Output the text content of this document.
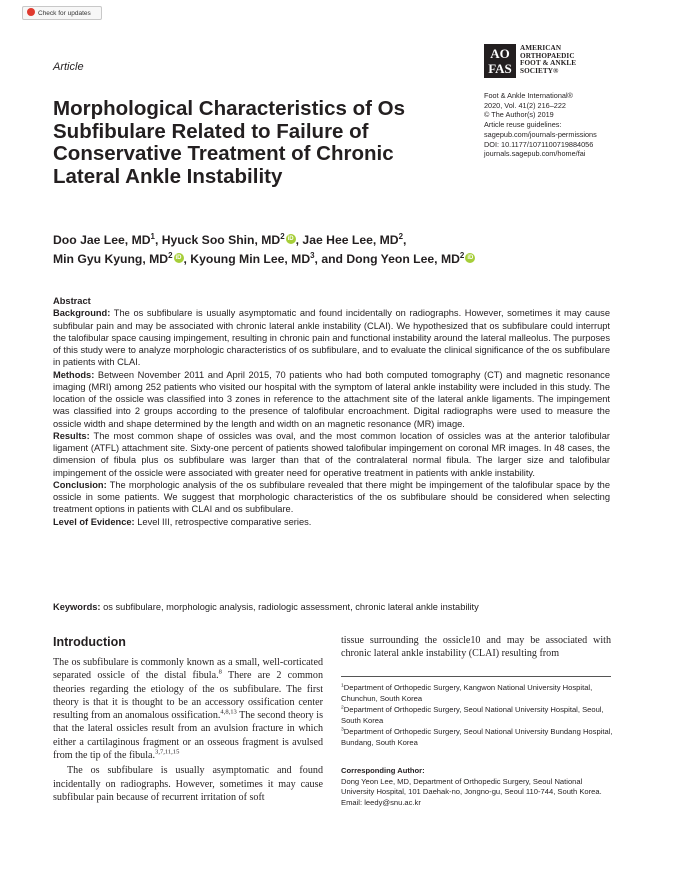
Check for updates
Article
AO
FAS
AMERICAN
ORTHOPAEDIC
FOOT & ANKLE
SOCIETY®
Foot & Ankle International®
2020, Vol. 41(2) 216–222
© The Author(s) 2019
Article reuse guidelines:
sagepub.com/journals-permissions
DOI: 10.1177/1071100719884056
journals.sagepub.com/home/fai
Morphological Characteristics of Os Subfibulare Related to Failure of Conservative Treatment of Chronic Lateral Ankle Instability
Doo Jae Lee, $MD^1$, Hyuck Soo Shin, $MD^2$ iD , Jae Hee Lee, $MD^2$,
Min Gyu Kyung, $MD^2$ iD , Kyoung Min Lee, $MD^3$, and Dong Yeon Lee, $MD^2$ iD

Abstract

Background: The os subfibulare is usually asymptomatic and found incidentally on radiographs. However, sometimes it may cause subfibular pain and may be associated with chronic lateral ankle instability (CLAI). We hypothesized that os subfibulare could interrupt the talofibular space causing impingement, resulting in chronic pain and functional instability around the lateral malleolus. The purposes of this study were to analyze morphologic characteristics of os subfibulare, and to evaluate the clinical significance of the os subfibulare in patients with CLAI.

Methods: Between November 2011 and April 2015, 70 patients who had both computed tomography (CT) and magnetic resonance imaging (MRI) among 252 patients who visited our hospital with the symptom of lateral ankle instability were included in this study. The location of the ossicle was classified into 3 zones in reference to the attachment site of the lateral ankle ligaments. The impingement was classified into 2 groups according to the presence of talofibular encroachment. Digital radiographs were used to measure the ossicle width and shape determined by the length and width on an magnetic resonance (MR) image.

Results: The most common shape of ossicles was oval, and the most common location of ossicles was at the anterior talofibular ligament (ATFL) attachment site. Sixty-one percent of patients showed talofibular impingement on coronal MR images. In 48 cases, the dimension of fibula plus os subfibulare was larger than that of the contralateral normal fibula. The larger size and talofibular impingement of the ossicle were associated with greater need for operative treatment in patients with ankle instability.

Conclusion: The morphologic analysis of the os subfibulare revealed that there might be impingement of the talofibular space by the ossicle in some patients. We suggest that morphologic characteristics of the os subfibulare should be considered when selecting treatment options in patients with CLAI and os subfibulare.

Level of Evidence: Level III, retrospective comparative series.

Keywords: os subfibulare, morphologic analysis, radiologic assessment, chronic lateral ankle instability
Introduction

The os subfibulare is commonly known as a small, well-corticated separated ossicle of the distal fibula.$^8$ There are 2 common theories regarding the etiology of the os subfibulare. The first theory is that it is thought to be an accessory ossification center resulting from an anomalous ossification.$^{4,8,13}$ The second theory is that the lateral ossicles result from an avulsion fracture in which either a cartilaginous fragment or an osseous fragment is avulsed from the tip of the fibula.$^{3,7,11,15}$

The os subfibulare is usually asymptomatic and found incidentally on radiographs. However, sometimes it may cause subfibular pain because of recurrent irritation of soft

tissue surrounding the ossicle10 and may be associated with chronic lateral ankle instability (CLAI) resulting from

$^1$Department of Orthopedic Surgery, Kangwon National University Hospital, Chunchun, South Korea

$^2$Department of Orthopedic Surgery, Seoul National University Hospital, Seoul, South Korea

$^3$Department of Orthopedic Surgery, Seoul National University Bundang Hospital, Bundang, South Korea

Corresponding Author:

Dong Yeon Lee, MD, Department of Orthopedic Surgery, Seoul National University Hospital, 101 Daehak-no, Jongno-gu, Seoul 110-744, South Korea.

Email: leedy@snu.ac.kr
